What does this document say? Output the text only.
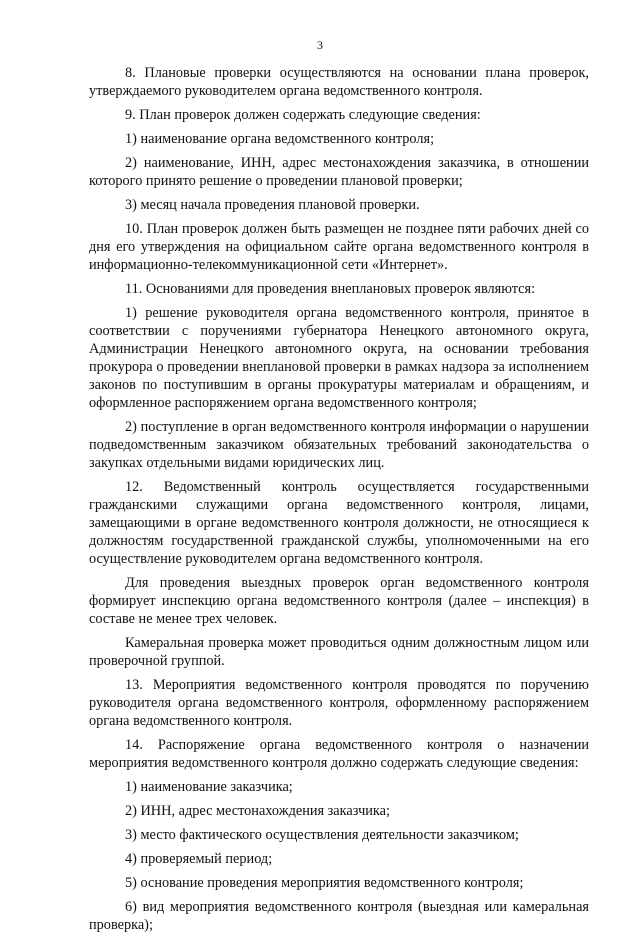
3

8. Плановые проверки осуществляются на основании плана проверок, утверждаемого руководителем органа ведомственного контроля.

9. План проверок должен содержать следующие сведения:

1) наименование органа ведомственного контроля;

2) наименование, ИНН, адрес местонахождения заказчика, в отношении которого принято решение о проведении плановой проверки;

3) месяц начала проведения плановой проверки.

10. План проверок должен быть размещен не позднее пяти рабочих дней со дня его утверждения на официальном сайте органа ведомственного контроля в информационно-телекоммуникационной сети «Интернет».

11. Основаниями для проведения внеплановых проверок являются:

1) решение руководителя органа ведомственного контроля, принятое в соответствии с поручениями губернатора Ненецкого автономного округа, Администрации Ненецкого автономного округа, на основании требования прокурора о проведении внеплановой проверки в рамках надзора за исполнением законов по поступившим в органы прокуратуры материалам и обращениям, и оформленное распоряжением органа ведомственного контроля;

2) поступление в орган ведомственного контроля информации о нарушении подведомственным заказчиком обязательных требований законодательства о закупках отдельными видами юридических лиц.

12. Ведомственный контроль осуществляется государственными гражданскими служащими органа ведомственного контроля, лицами, замещающими в органе ведомственного контроля должности, не относящиеся к должностям государственной гражданской службы, уполномоченными на его осуществление руководителем органа ведомственного контроля.

Для проведения выездных проверок орган ведомственного контроля формирует инспекцию органа ведомственного контроля (далее – инспекция) в составе не менее трех человек.

Камеральная проверка может проводиться одним должностным лицом или проверочной группой.

13. Мероприятия ведомственного контроля проводятся по поручению руководителя органа ведомственного контроля, оформленному распоряжением органа ведомственного контроля.

14. Распоряжение органа ведомственного контроля о назначении мероприятия ведомственного контроля должно содержать следующие сведения:

1) наименование заказчика;

2) ИНН, адрес местонахождения заказчика;

3) место фактического осуществления деятельности заказчиком;

4) проверяемый период;

5) основание проведения мероприятия ведомственного контроля;

6) вид мероприятия ведомственного контроля (выездная или камеральная проверка);
